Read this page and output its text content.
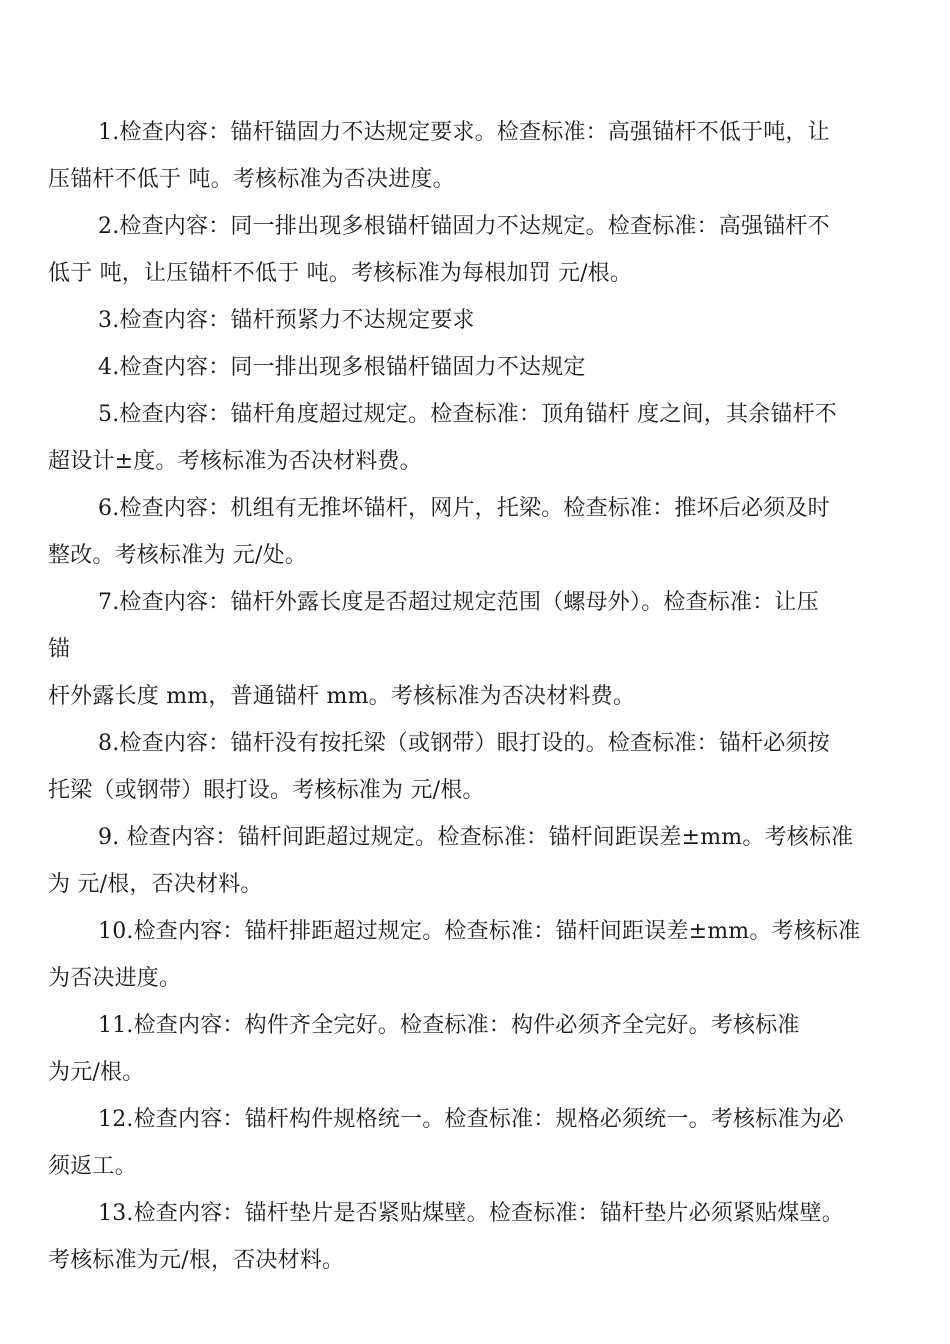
1.检查内容：锚杆锚固力不达规定要求。检查标准：高强锚杆不低于吨，让
压锚杆不低于 吨。考核标准为否决进度。
2.检查内容：同一排出现多根锚杆锚固力不达规定。检查标准：高强锚杆不
低于 吨，让压锚杆不低于 吨。考核标准为每根加罚 元/根。
3.检查内容：锚杆预紧力不达规定要求
4.检查内容：同一排出现多根锚杆锚固力不达规定
5.检查内容：锚杆角度超过规定。检查标准：顶角锚杆 度之间，其余锚杆不
超设计±度。考核标准为否决材料费。
6.检查内容：机组有无推坏锚杆，网片，托梁。检查标准：推坏后必须及时
整改。考核标准为 元/处。
7.检查内容：锚杆外露长度是否超过规定范围（螺母外）。检查标准：让压
锚
杆外露长度 mm，普通锚杆 mm。考核标准为否决材料费。
8.检查内容：锚杆没有按托梁（或钢带）眼打设的。检查标准：锚杆必须按
托梁（或钢带）眼打设。考核标准为 元/根。
9. 检查内容：锚杆间距超过规定。检查标准：锚杆间距误差±mm。考核标准
为 元/根，否决材料。
10.检查内容：锚杆排距超过规定。检查标准：锚杆间距误差±mm。考核标准
为否决进度。
11.检查内容：构件齐全完好。检查标准：构件必须齐全完好。考核标准
为元/根。
12.检查内容：锚杆构件规格统一。检查标准：规格必须统一。考核标准为必
须返工。
13.检查内容：锚杆垫片是否紧贴煤壁。检查标准：锚杆垫片必须紧贴煤壁。
考核标准为元/根，否决材料。
